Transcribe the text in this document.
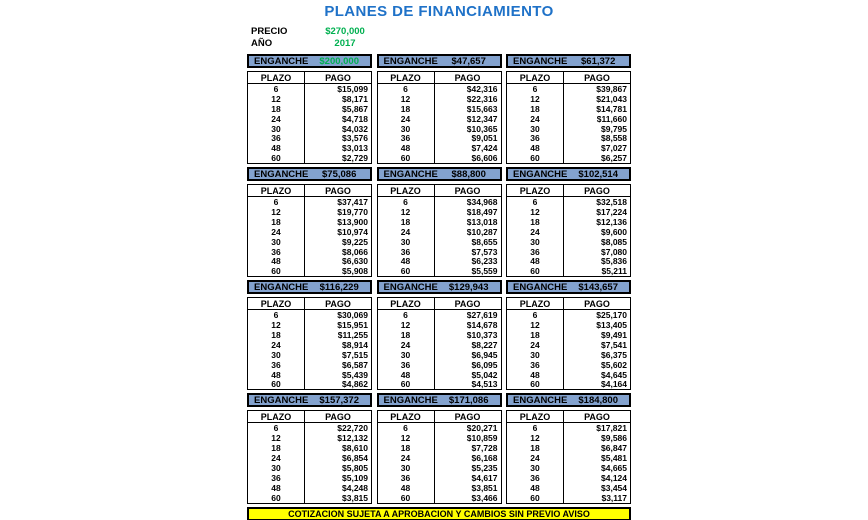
PLANES DE FINANCIAMIENTO
PRECIO	$270,000
AÑO	2017
ENGANCHE	$200,000
PLAZO	PAGO
6	$15,099
12	$8,171
18	$5,867
24	$4,718
30	$4,032
36	$3,576
48	$3,013
60	$2,729
ENGANCHE	$47,657
PLAZO	PAGO
6	$42,316
12	$22,316
18	$15,663
24	$12,347
30	$10,365
36	$9,051
48	$7,424
60	$6,606
ENGANCHE	$61,372
PLAZO	PAGO
6	$39,867
12	$21,043
18	$14,781
24	$11,660
30	$9,795
36	$8,558
48	$7,027
60	$6,257
ENGANCHE	$75,086
PLAZO	PAGO
6	$37,417
12	$19,770
18	$13,900
24	$10,974
30	$9,225
36	$8,066
48	$6,630
60	$5,908
ENGANCHE	$88,800
PLAZO	PAGO
6	$34,968
12	$18,497
18	$13,018
24	$10,287
30	$8,655
36	$7,573
48	$6,233
60	$5,559
ENGANCHE	$102,514
PLAZO	PAGO
6	$32,518
12	$17,224
18	$12,136
24	$9,600
30	$8,085
36	$7,080
48	$5,836
60	$5,211
ENGANCHE	$116,229
PLAZO	PAGO
6	$30,069
12	$15,951
18	$11,255
24	$8,914
30	$7,515
36	$6,587
48	$5,439
60	$4,862
ENGANCHE	$129,943
PLAZO	PAGO
6	$27,619
12	$14,678
18	$10,373
24	$8,227
30	$6,945
36	$6,095
48	$5,042
60	$4,513
ENGANCHE	$143,657
PLAZO	PAGO
6	$25,170
12	$13,405
18	$9,491
24	$7,541
30	$6,375
36	$5,602
48	$4,645
60	$4,164
ENGANCHE	$157,372
PLAZO	PAGO
6	$22,720
12	$12,132
18	$8,610
24	$6,854
30	$5,805
36	$5,109
48	$4,248
60	$3,815
ENGANCHE	$171,086
PLAZO	PAGO
6	$20,271
12	$10,859
18	$7,728
24	$6,168
30	$5,235
36	$4,617
48	$3,851
60	$3,466
ENGANCHE	$184,800
PLAZO	PAGO
6	$17,821
12	$9,586
18	$6,847
24	$5,481
30	$4,665
36	$4,124
48	$3,454
60	$3,117
COTIZACION SUJETA A APROBACION Y CAMBIOS SIN PREVIO AVISO
